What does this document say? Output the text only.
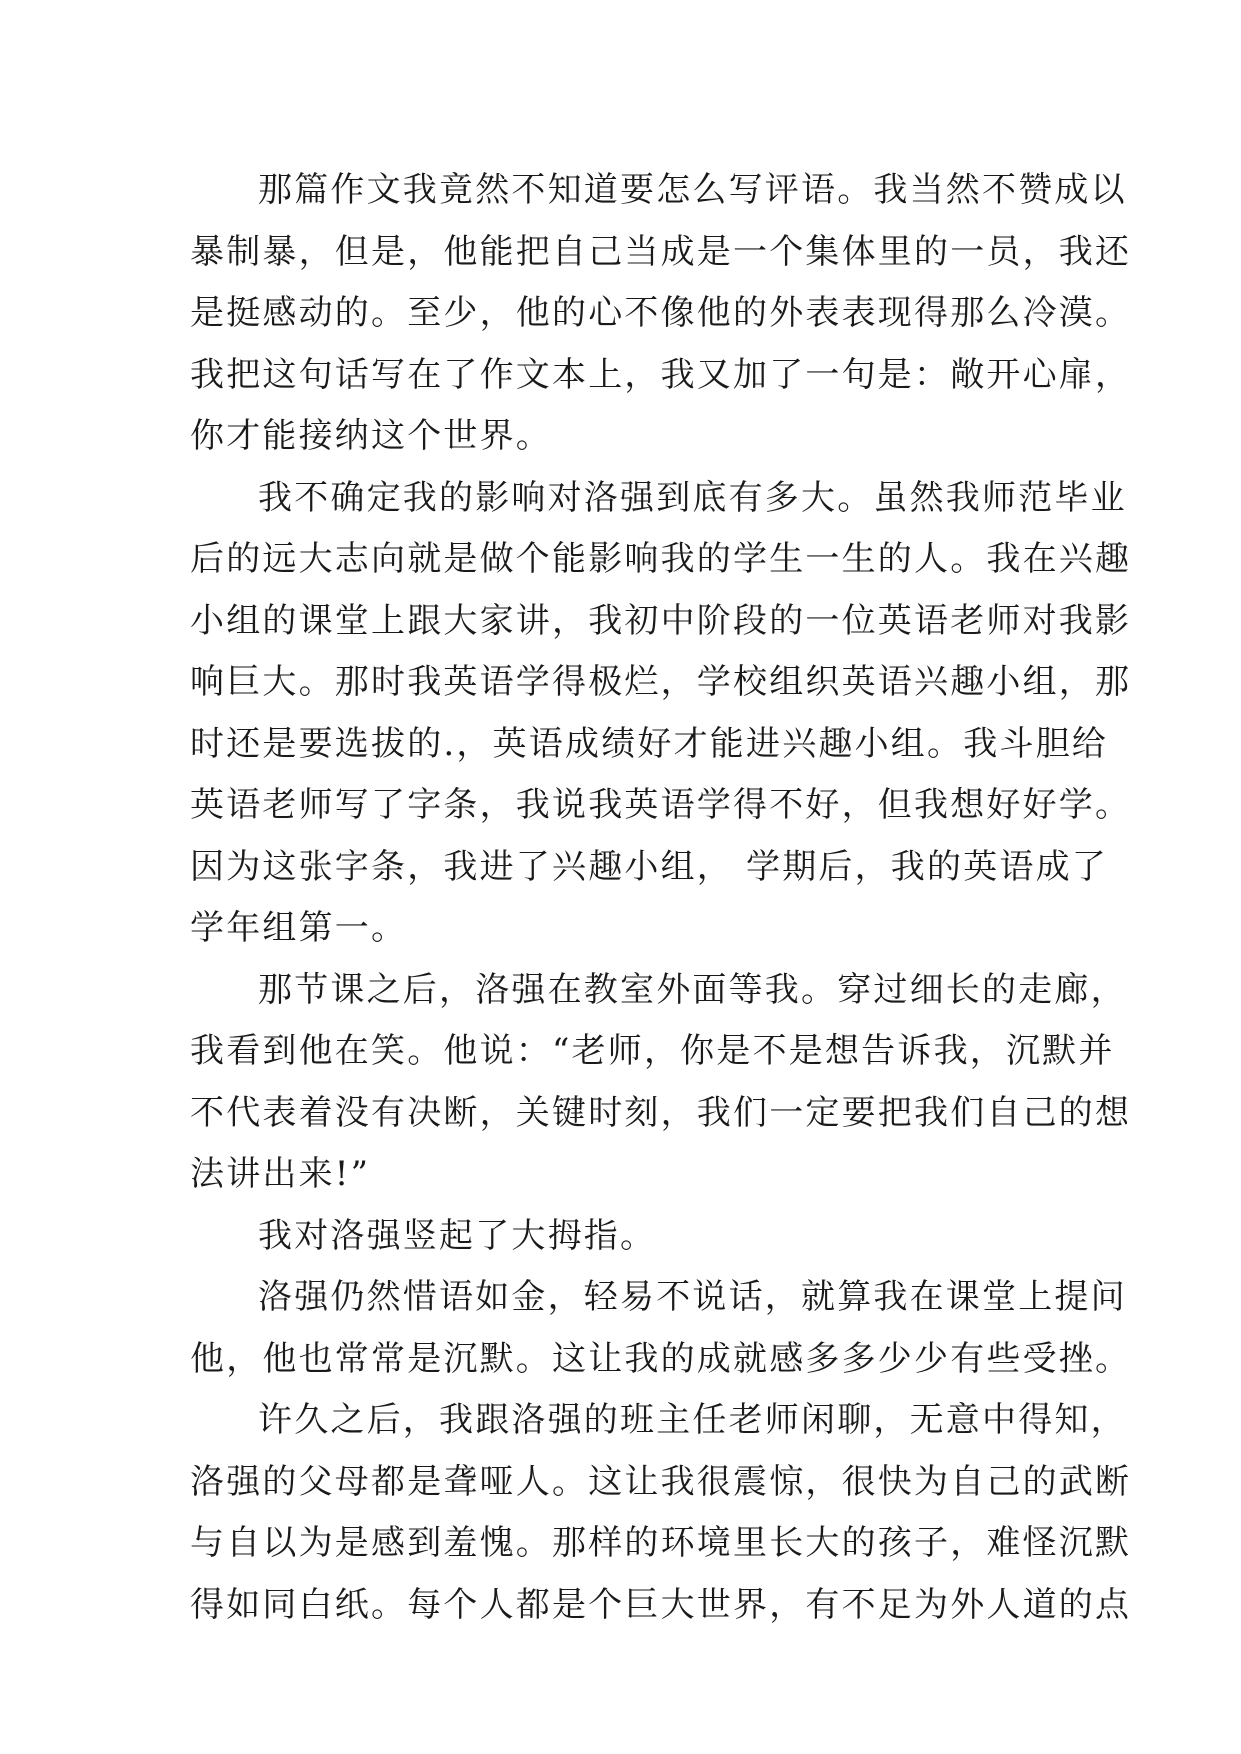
那篇作文我竟然不知道要怎么写评语。我当然不赞成以
暴制暴，但是，他能把自己当成是一个集体里的一员，我还
是挺感动的。至少，他的心不像他的外表表现得那么冷漠。
我把这句话写在了作文本上，我又加了一句是：敞开心扉，
你才能接纳这个世界。
我不确定我的影响对洛强到底有多大。虽然我师范毕业
后的远大志向就是做个能影响我的学生一生的人。我在兴趣
小组的课堂上跟大家讲，我初中阶段的一位英语老师对我影
响巨大。那时我英语学得极烂，学校组织英语兴趣小组，那
时还是要选拔的.，英语成绩好才能进兴趣小组。我斗胆给
英语老师写了字条，我说我英语学得不好，但我想好好学。
因为这张字条，我进了兴趣小组， 学期后，我的英语成了
学年组第一。
那节课之后，洛强在教室外面等我。穿过细长的走廊，
我看到他在笑。他说：“老师，你是不是想告诉我，沉默并
不代表着没有决断，关键时刻，我们一定要把我们自己的想
法讲出来!”
我对洛强竖起了大拇指。
洛强仍然惜语如金，轻易不说话，就算我在课堂上提问
他，他也常常是沉默。这让我的成就感多多少少有些受挫。
许久之后，我跟洛强的班主任老师闲聊，无意中得知，
洛强的父母都是聋哑人。这让我很震惊，很快为自己的武断
与自以为是感到羞愧。那样的环境里长大的孩子，难怪沉默
得如同白纸。每个人都是个巨大世界，有不足为外人道的点
